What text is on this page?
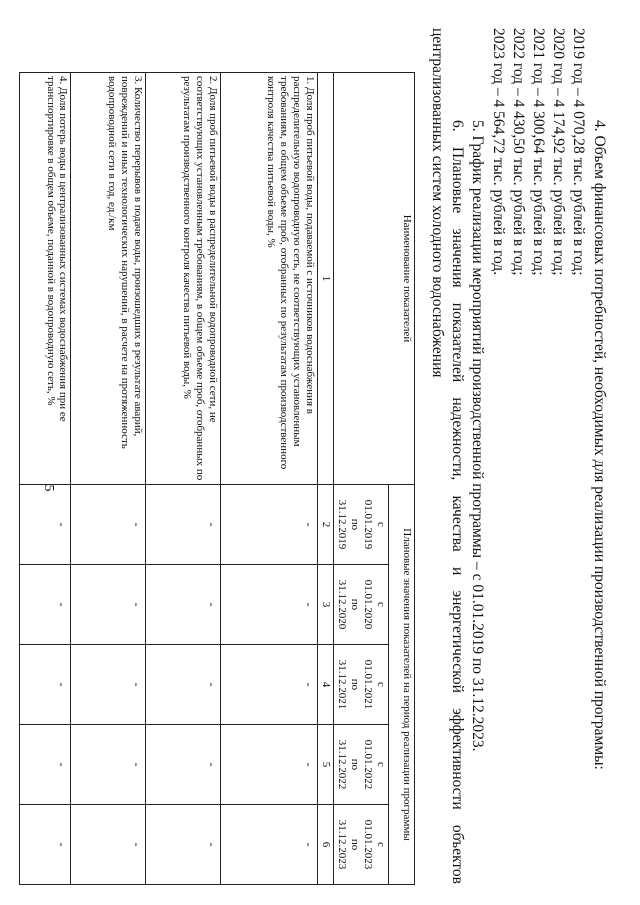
5	4. Объем финансовых потребностей, необходимых для реализации производственной программы:
2019 год – 4 070,28 тыс. рублей в год;
2020 год – 4 174,92 тыс. рублей в год;
2021 год – 4 300,64 тыс. рублей в год;
2022 год – 4 430,50 тыс. рублей в год;
2023 год – 4 564,72 тыс. рублей в год.
5. График реализации мероприятий производственной программы – с 01.01.2019 по 31.12.2023.
6.
Плановые
значения
показателей
надежности,
качества
и
энергетической
эффективности
объектов
централизованных систем холодного водоснабжения
Наименование показателей	Плановые значения показателей на период реализации программы				
	с
01.01.2019
по
31.12.2019	с
01.01.2020
по
31.12.2020	с
01.01.2021
по
31.12.2021	с
01.01.2022
по
31.12.2022	с
01.01.2023
по
31.12.2023
1	2	3	4	5	6
1. Доля проб питьевой воды, подаваемой с источников водоснабжения в распределительную водопроводную сеть, не соответствующих установленным требованиям, в общем объеме проб, отобранных по результатам производственного контроля качества питьевой воды, %	-	-	-	-	-
2. Доля проб питьевой воды в распределительной водопроводной сети, не соответствующих установленным требованиям, в общем объеме проб, отобранных по результатам производственного контроля качества питьевой воды, %	-	-	-	-	-
3. Количество перерывов в подаче воды, произошедших в результате аварий, повреждений и иных технологических нарушений, в расчете на протяженность водопроводной сети в год, ед./км	-	-	-	-	-
4. Доля потерь воды в централизованных системах водоснабжения при ее транспортировке в общем объеме, поданной в водопроводную сеть, %	-	-	-	-	-
